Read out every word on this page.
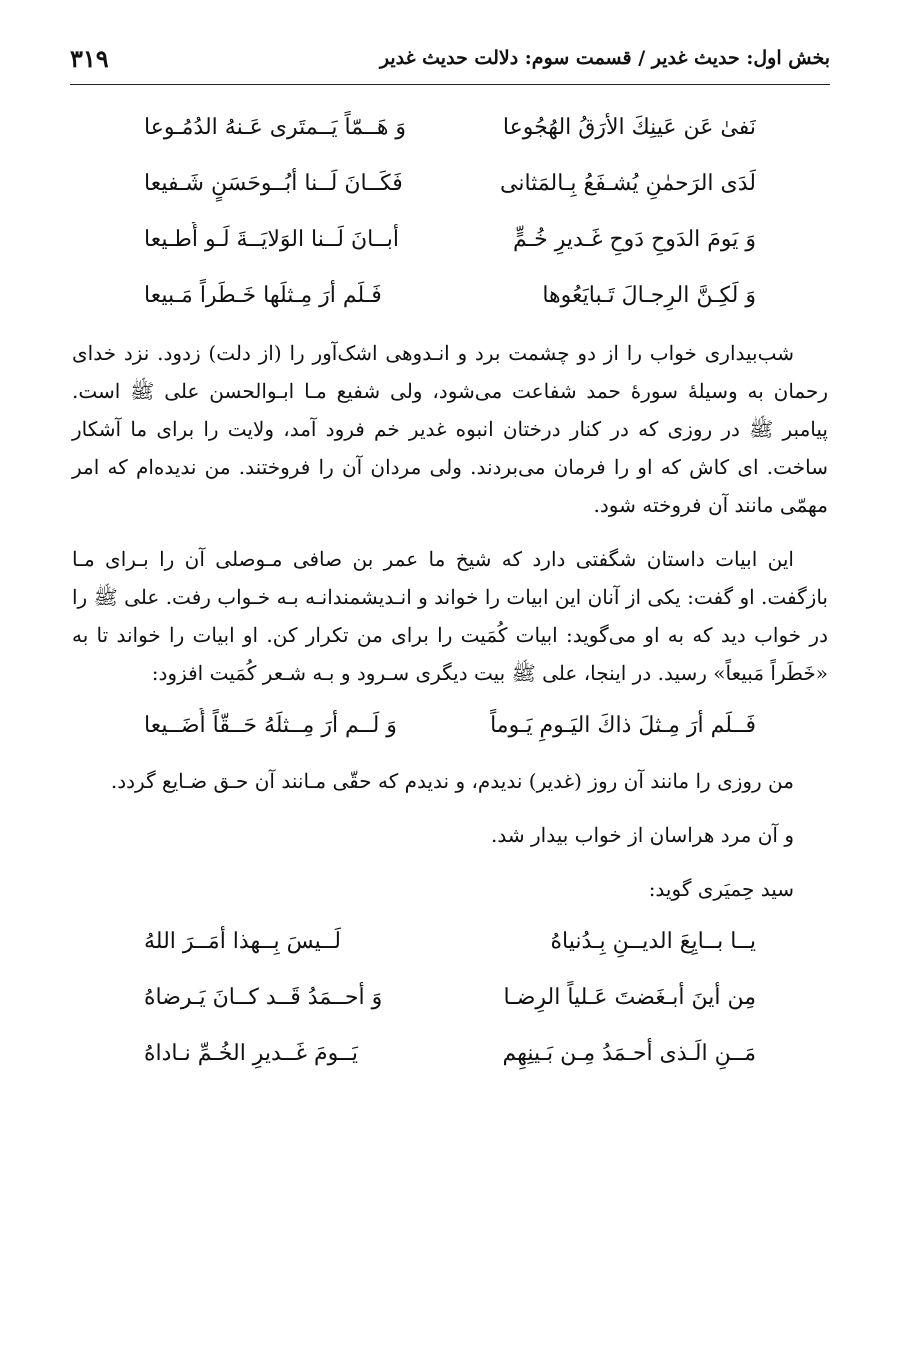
بخش اول: حدیث غدیر / قسمت سوم: دلالت حدیث غدیر
۳۱۹
نَفیٰ عَن عَینِكَ الأرَقُ الهُجُوعا
وَ هَــمّاً یَــمتَری عَـنهُ الدُمُـوعا
لَدَی الرَحمٰنِ یُشـفَعُ بِـالمَثانی
فَکَــانَ لَــنا أبُــوحَسَنٍ شَـفیعا
وَ یَومَ الدَوحِ دَوحِ غَـدیرِ خُـمٍّ
أبــانَ لَــنا الوَلایَــةَ لَـو أُطـیعا
وَ لَکِـنَّ الرِجـالَ تَـبایَعُوها
فَـلَم أرَ مِـثلَها خَـطَراً مَـبیعا

شب‌بیداری خواب را از دو چشمت برد و انـدوهی اشک‌آور را (از دلت) زدود. نزد خدای رحمان به وسیلهٔ سورهٔ حمد شفاعت می‌شود، ولی شفیع مـا ابـوالحسن علی ﷺ است. پیامبر ﷺ در روزی که در کنار درختان انبوه غدیر خم فرود آمد، ولایت را برای ما آشکار ساخت. ای کاش که او را فرمان می‌بردند. ولی مردان آن را فروختند. من ندیده‌ام که امر مهمّی مانند آن فروخته شود.

این ابیات داستان شگفتی دارد که شیخ ما عمر بن صافی مـوصلی آن را بـرای مـا بازگفت. او گفت: یکی از آنان این ابیات را خواند و انـدیشمندانـه بـه خـواب رفت. علی ﷺ را در خواب دید که به او می‌گوید: ابیات کُمَیت را برای من تکرار کن. او ابیات را خواند تا به «خَطَراً مَبیعاً» رسید. در اینجا، علی ﷺ بیت دیگری سـرود و بـه شـعر کُمَیت افزود:

فَــلَم أرَ مِـثلَ ذاكَ الیَـومِ یَـوماً
وَ لَــم أرَ مِــثلَهُ حَــقّاً أُضَــیعا

من روزی را مانند آن روز (غدیر) ندیدم، و ندیدم که حقّی مـانند آن حـق ضـایع گردد.

و آن مرد هراسان از خواب بیدار شد.

سید حِمیَری گوید:

یــا بــایِعَ الدیــنِ بِـدُنیاهُ
لَــیسَ بِــهذا أمَــرَ اللهُ
مِن أینَ أبـغَضتَ عَـلیاً الرِضـا
وَ أحــمَدُ قَــد کــانَ یَـرضاهُ
مَــنِ الَـذی أحـمَدُ مِـن بَـینِهِم
یَــومَ غَــدیرِ الخُـمِّ نـاداهُ
